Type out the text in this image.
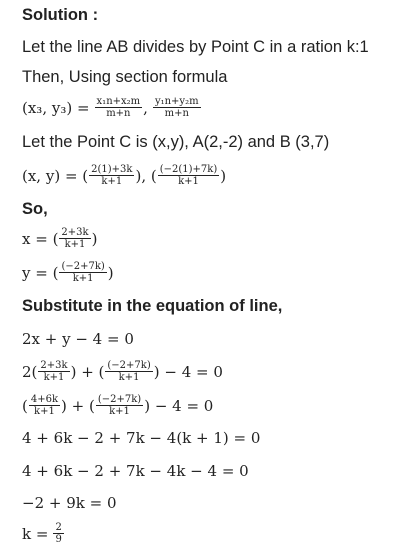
Solution :
Let the line AB divides by Point C in a ration k:1
Then, Using section formula
(x₃, $y_3) = \frac{\text{x₁n+x₂m}}{m+n}$ , $\frac{\text{y₁n+y₂m}}{m+n}$
Let the Point C is (x,y), A(2,-2) and B (3,7)
(x, y) = ( $\frac{2(1)+3k}{k+1}$ ), ( $\frac{(-2(1)+7k)}{k+1}$ )
So,
x = ( $\frac{2+3k}{k+1}$ )
y = ( $\frac{(-2+7k)}{k+1}$ )
Substitute in the equation of line,
2x + y − 4 = 0
$2( \frac{2+3k}{k+1}$ ) + ( $\frac{(-2+7k)}{k+1}$ ) − 4 = 0
( $\frac{4+6k}{k+1}$ ) + ( $\frac{(-2+7k)}{k+1}$ ) − 4 = 0
4 + 6k − 2 + 7k − 4(k + 1) = 0
4 + 6k − 2 + 7k − 4k − 4 = 0
−2 + 9k = 0
$k = \frac{2}{9}$
